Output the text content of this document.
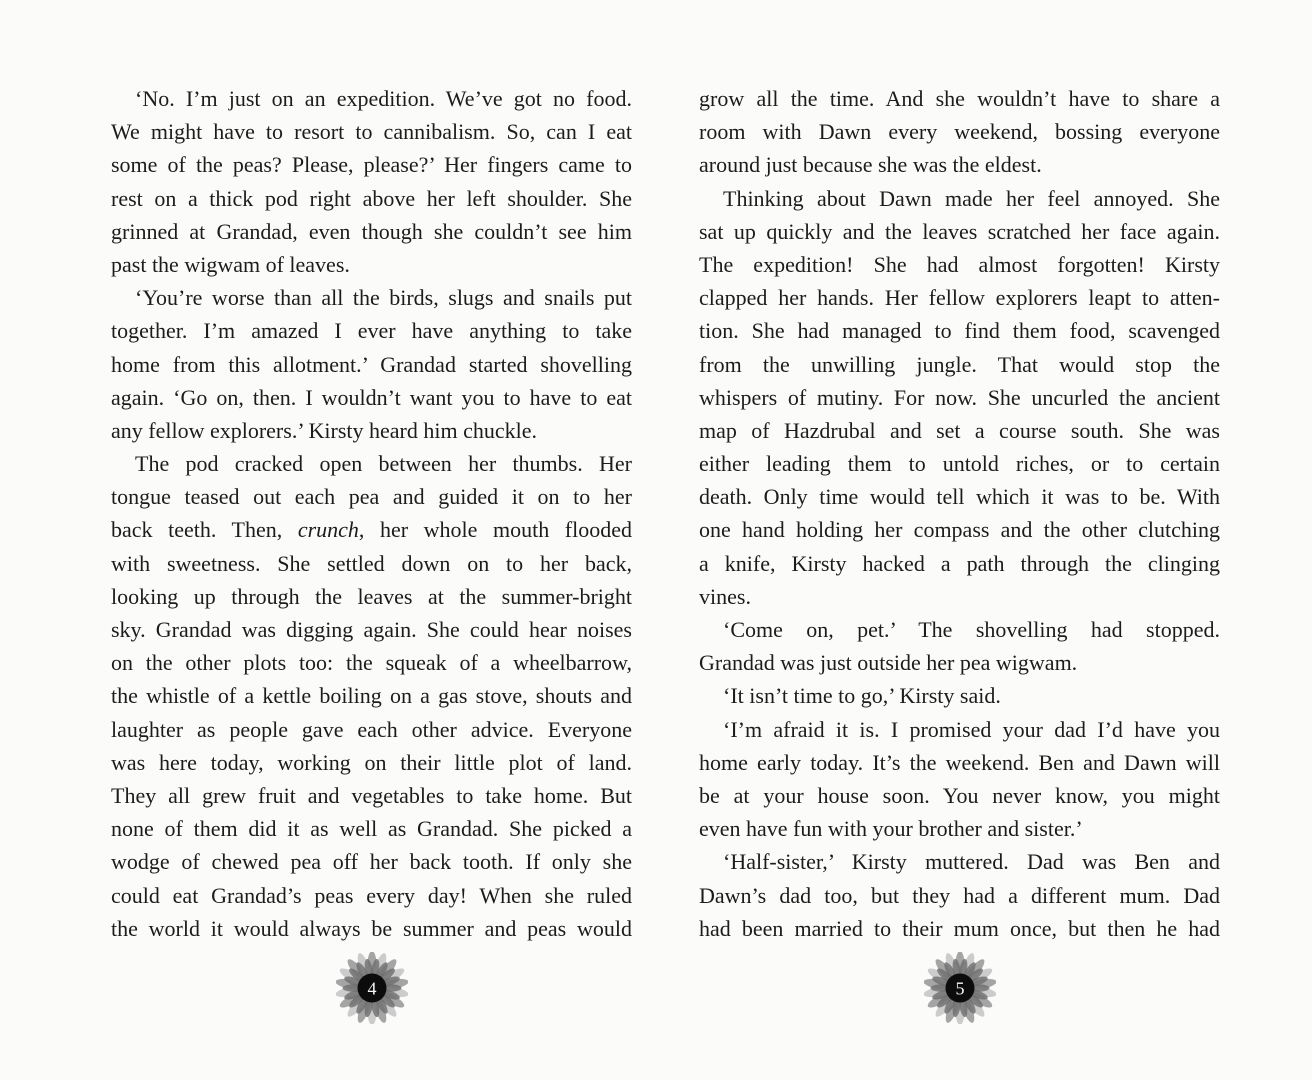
‘No. I’m just on an expedition. We’ve got no food.
We might have to resort to cannibalism. So, can I eat
some of the peas? Please, please?’ Her fingers came to
rest on a thick pod right above her left shoulder. She
grinned at Grandad, even though she couldn’t see him
past the wigwam of leaves.
‘You’re worse than all the birds, slugs and snails put
together. I’m amazed I ever have anything to take
home from this allotment.’ Grandad started shovelling
again. ‘Go on, then. I wouldn’t want you to have to eat
any fellow explorers.’ Kirsty heard him chuckle.
The pod cracked open between her thumbs. Her
tongue teased out each pea and guided it on to her
back teeth. Then, crunch, her whole mouth flooded
with sweetness. She settled down on to her back,
looking up through the leaves at the summer-bright
sky. Grandad was digging again. She could hear noises
on the other plots too: the squeak of a wheelbarrow,
the whistle of a kettle boiling on a gas stove, shouts and
laughter as people gave each other advice. Everyone
was here today, working on their little plot of land.
They all grew fruit and vegetables to take home. But
none of them did it as well as Grandad. She picked a
wodge of chewed pea off her back tooth. If only she
could eat Grandad’s peas every day! When she ruled
the world it would always be summer and peas would
4
grow all the time. And she wouldn’t have to share a
room with Dawn every weekend, bossing everyone
around just because she was the eldest.
Thinking about Dawn made her feel annoyed. She
sat up quickly and the leaves scratched her face again.
The expedition! She had almost forgotten! Kirsty
clapped her hands. Her fellow explorers leapt to atten-
tion. She had managed to find them food, scavenged
from the unwilling jungle. That would stop the
whispers of mutiny. For now. She uncurled the ancient
map of Hazdrubal and set a course south. She was
either leading them to untold riches, or to certain
death. Only time would tell which it was to be. With
one hand holding her compass and the other clutching
a knife, Kirsty hacked a path through the clinging
vines.
‘Come on, pet.’ The shovelling had stopped.
Grandad was just outside her pea wigwam.
‘It isn’t time to go,’ Kirsty said.
‘I’m afraid it is. I promised your dad I’d have you
home early today. It’s the weekend. Ben and Dawn will
be at your house soon. You never know, you might
even have fun with your brother and sister.’
‘Half-sister,’ Kirsty muttered. Dad was Ben and
Dawn’s dad too, but they had a different mum. Dad
had been married to their mum once, but then he had
5
